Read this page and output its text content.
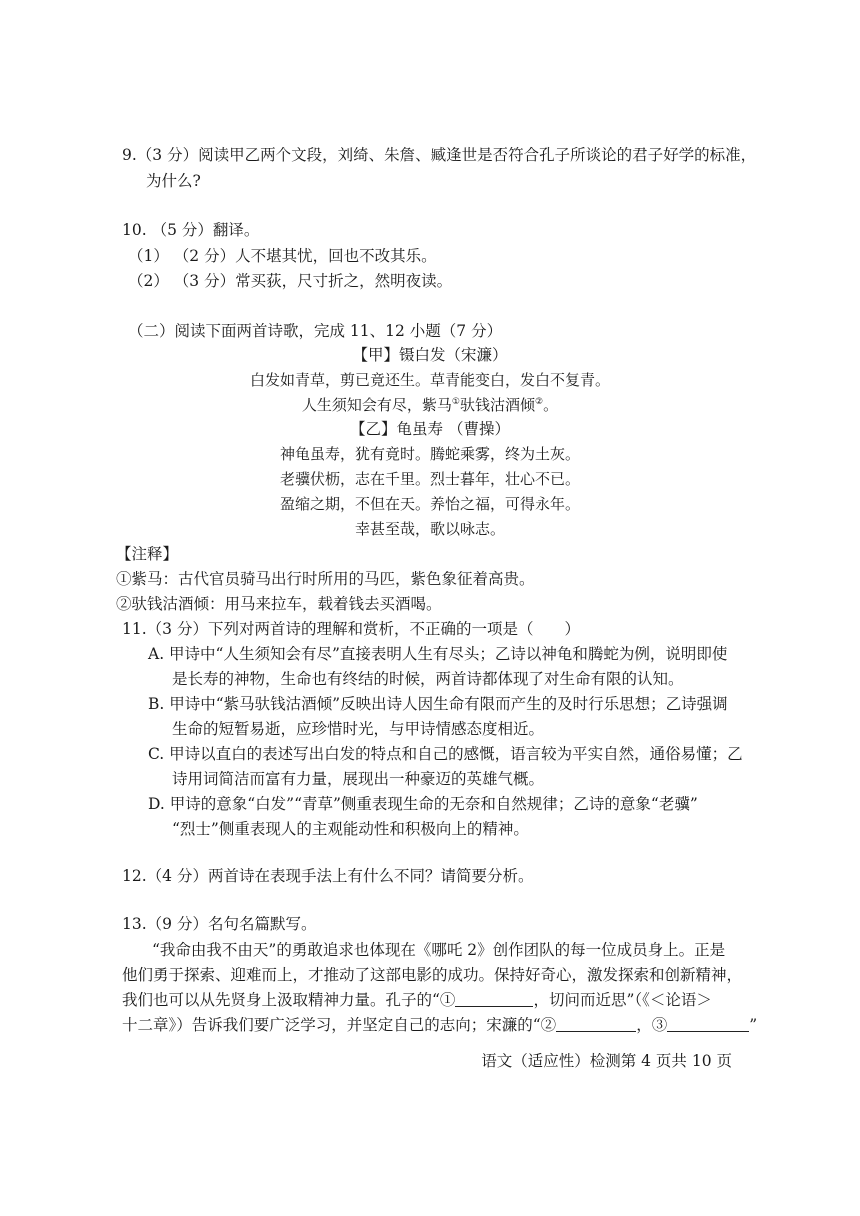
9.（3 分）阅读甲乙两个文段，刘绮、朱詹、臧逢世是否符合孔子所谈论的君子好学的标准，
为什么?
10. （5 分）翻译。
（1） （2 分）人不堪其忧，回也不改其乐。
（2） （3 分）常买荻，尺寸折之，然明夜读。
（二）阅读下面两首诗歌，完成 11、12 小题（7 分）
【甲】镊白发（宋濂）
白发如青草，剪已竟还生。草青能变白，发白不复青。
人生须知会有尽，紫马①驮钱沽酒倾②。
【乙】龟虽寿 （曹操）
神龟虽寿，犹有竟时。腾蛇乘雾，终为土灰。
老骥伏枥，志在千里。烈士暮年，壮心不已。
盈缩之期，不但在天。养怡之福，可得永年。
幸甚至哉，歌以咏志。
【注释】
①紫马：古代官员骑马出行时所用的马匹，紫色象征着高贵。
②驮钱沽酒倾：用马来拉车，载着钱去买酒喝。
11.（3 分）下列对两首诗的理解和赏析，不正确的一项是（　　）
A. 甲诗中“人生须知会有尽”直接表明人生有尽头；乙诗以神龟和腾蛇为例，说明即使
是长寿的神物，生命也有终结的时候，两首诗都体现了对生命有限的认知。
B. 甲诗中“紫马驮钱沽酒倾”反映出诗人因生命有限而产生的及时行乐思想；乙诗强调
生命的短暂易逝，应珍惜时光，与甲诗情感态度相近。
C. 甲诗以直白的表述写出白发的特点和自己的感慨，语言较为平实自然，通俗易懂；乙
诗用词简洁而富有力量，展现出一种豪迈的英雄气概。
D. 甲诗的意象“白发”“青草”侧重表现生命的无奈和自然规律；乙诗的意象“老骥”
“烈士”侧重表现人的主观能动性和积极向上的精神。
12.（4 分）两首诗在表现手法上有什么不同？请简要分析。
13.（9 分）名句名篇默写。
“我命由我不由天”的勇敢追求也体现在《哪吒 2》创作团队的每一位成员身上。正是
他们勇于探索、迎难而上，才推动了这部电影的成功。保持好奇心，激发探索和创新精神，
我们也可以从先贤身上汲取精神力量。孔子的“①	，切问而近思”（《＜论语＞
十二章》）告诉我们要广泛学习，并坚定自己的志向；宋濂的“②	，③	”
语文（适应性）检测第 4 页共 10 页
